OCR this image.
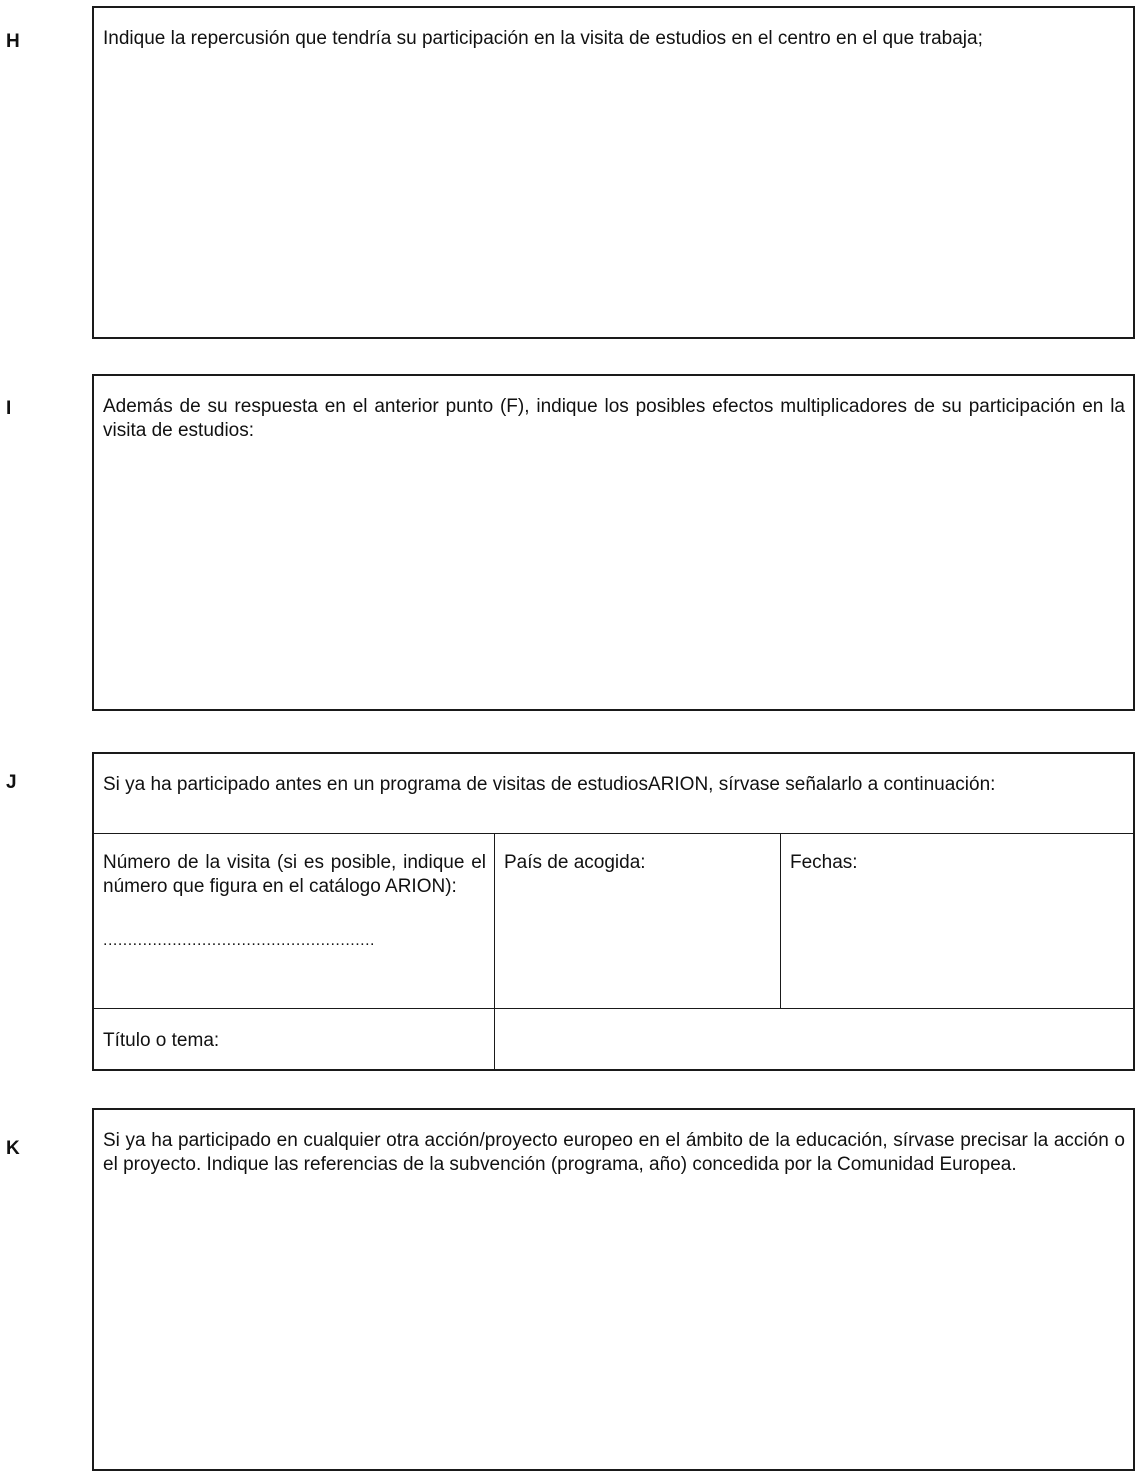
H	Indique la repercusión que tendría su participación en la visita de estudios en el centro en el que trabaja;

I	Además de su respuesta en el anterior punto (F), indique los posibles efectos multiplicadores de su participación en la visita de estudios:

J	Si ya ha participado antes en un programa de visitas de estudiosARION, sírvase señalarlo a continuación:

Número de la visita (si es posible, indique el número que figura en el catálogo ARION):
.......................................................
País de acogida:	Fechas:
Título o tema:
K	Si ya ha participado en cualquier otra acción/proyecto europeo en el ámbito de la educación, sírvase precisar la acción o el proyecto. Indique las referencias de la subvención (programa, año) concedida por la Comunidad Europea.
